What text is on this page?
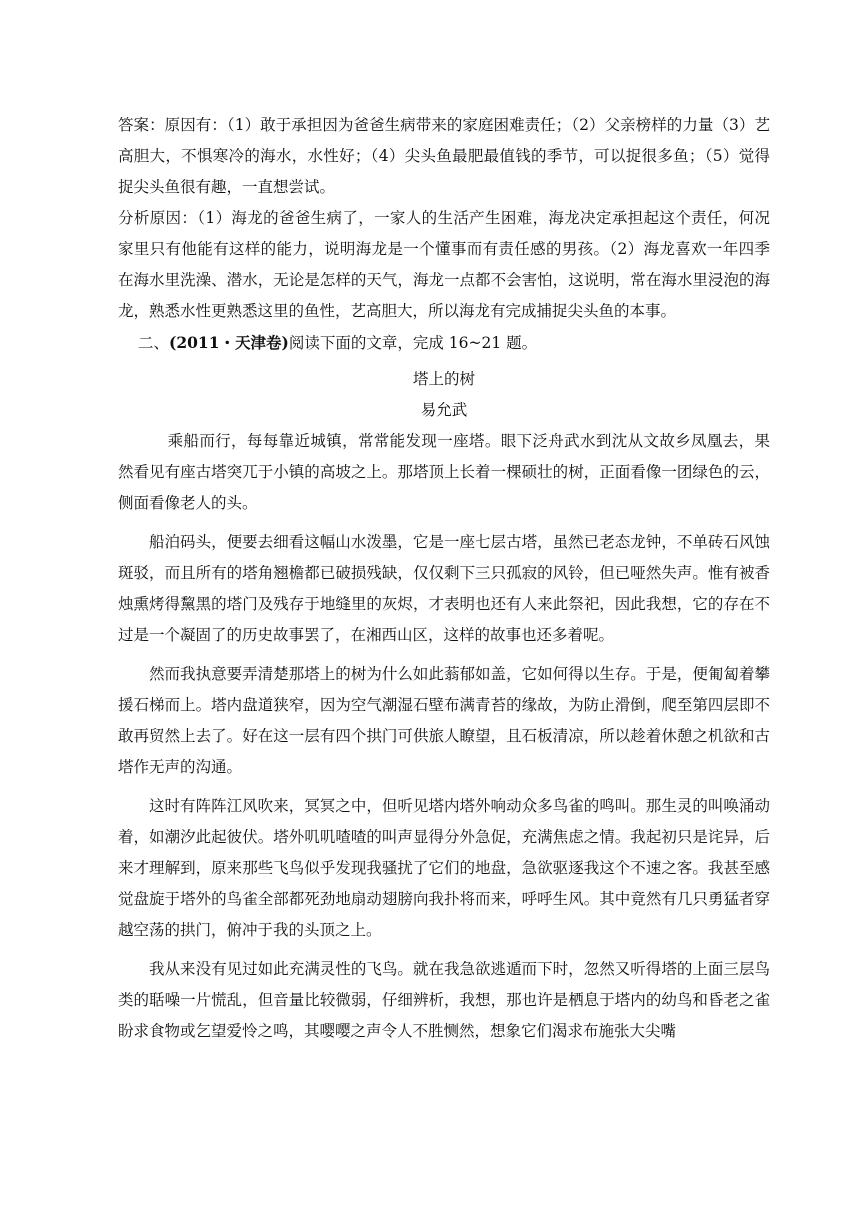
答案：原因有：（1）敢于承担因为爸爸生病带来的家庭困难责任；（2）父亲榜样的力量（3）艺高胆大，不惧寒冷的海水，水性好；（4）尖头鱼最肥最值钱的季节，可以捉很多鱼；（5）觉得捉尖头鱼很有趣，一直想尝试。

分析原因：（1）海龙的爸爸生病了，一家人的生活产生困难，海龙决定承担起这个责任，何况家里只有他能有这样的能力，说明海龙是一个懂事而有责任感的男孩。（2）海龙喜欢一年四季在海水里洗澡、潜水，无论是怎样的天气，海龙一点都不会害怕，这说明，常在海水里浸泡的海龙，熟悉水性更熟悉这里的鱼性，艺高胆大，所以海龙有完成捕捉尖头鱼的本事。

二、(2011・天津卷)阅读下面的文章，完成 16~21 题。

塔上的树

易允武

乘船而行，每每靠近城镇，常常能发现一座塔。眼下泛舟武水到沈从文故乡凤凰去，果然看见有座古塔突兀于小镇的高坡之上。那塔顶上长着一棵硕壮的树，正面看像一团绿色的云，侧面看像老人的头。

船泊码头，便要去细看这幅山水泼墨，它是一座七层古塔，虽然已老态龙钟，不单砖石风蚀斑驳，而且所有的塔角翘檐都已破损残缺，仅仅剩下三只孤寂的风铃，但已哑然失声。惟有被香烛熏烤得黧黑的塔门及残存于地缝里的灰烬，才表明也还有人来此祭祀，因此我想，它的存在不过是一个凝固了的历史故事罢了，在湘西山区，这样的故事也还多着呢。

然而我执意要弄清楚那塔上的树为什么如此蓊郁如盖，它如何得以生存。于是，便匍匐着攀援石梯而上。塔内盘道狭窄，因为空气潮湿石壁布满青苔的缘故，为防止滑倒，爬至第四层即不敢再贸然上去了。好在这一层有四个拱门可供旅人瞭望，且石板清凉，所以趁着休憩之机欲和古塔作无声的沟通。

这时有阵阵江风吹来，冥冥之中，但听见塔内塔外响动众多鸟雀的鸣叫。那生灵的叫唤涌动着，如潮汐此起彼伏。塔外叽叽喳喳的叫声显得分外急促，充满焦虑之情。我起初只是诧异，后来才理解到，原来那些飞鸟似乎发现我骚扰了它们的地盘，急欲驱逐我这个不速之客。我甚至感觉盘旋于塔外的鸟雀全部都死劲地扇动翅膀向我扑将而来，呼呼生风。其中竟然有几只勇猛者穿越空荡的拱门，俯冲于我的头顶之上。

我从来没有见过如此充满灵性的飞鸟。就在我急欲逃遁而下时，忽然又听得塔的上面三层鸟类的聒噪一片慌乱，但音量比较微弱，仔细辨析，我想，那也许是栖息于塔内的幼鸟和昏老之雀盼求食物或乞望爱怜之鸣，其嘤嘤之声令人不胜恻然，想象它们渴求布施张大尖嘴
